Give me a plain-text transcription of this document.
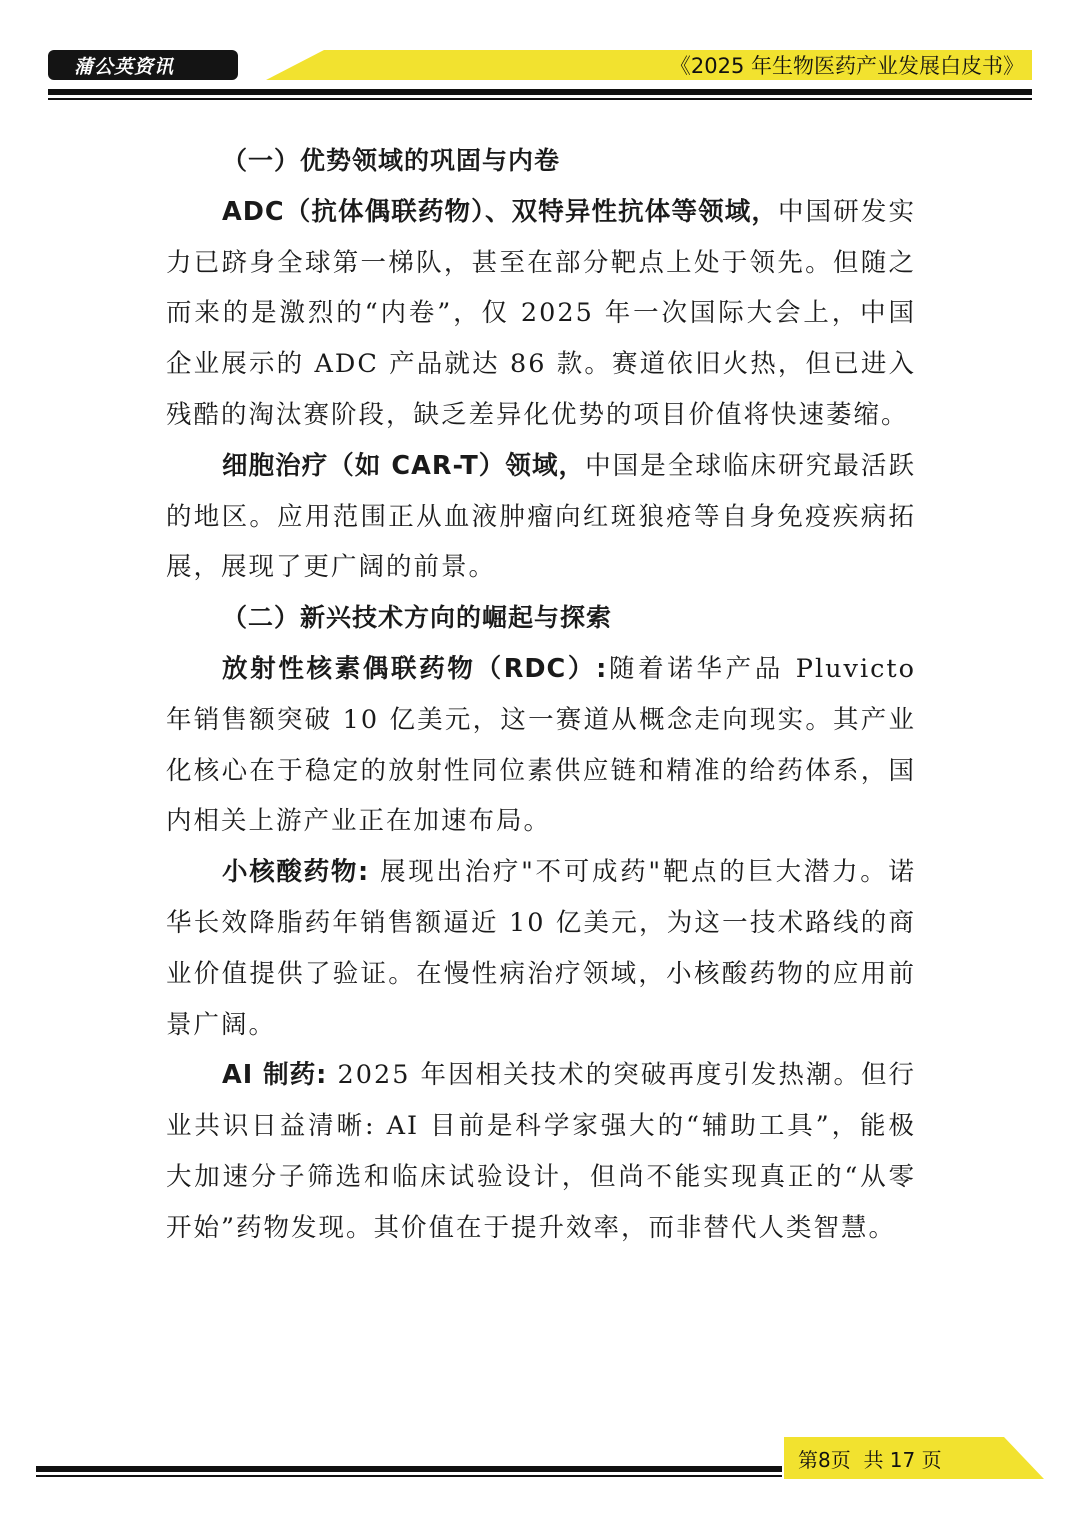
蒲公英资讯	《2025 年生物医药产业发展白皮书》

（一）优势领域的巩固与内卷

ADC（抗体偶联药物）、双特异性抗体等领域，中国研发实力已跻身全球第一梯队，甚至在部分靶点上处于领先。但随之而来的是激烈的“内卷”，仅 2025 年一次国际大会上，中国企业展示的 ADC 产品就达 86 款。赛道依旧火热，但已进入残酷的淘汰赛阶段，缺乏差异化优势的项目价值将快速萎缩。

细胞治疗（如 CAR-T）领域，中国是全球临床研究最活跃的地区。应用范围正从血液肿瘤向红斑狼疮等自身免疫疾病拓展，展现了更广阔的前景。

（二）新兴技术方向的崛起与探索

放射性核素偶联药物（RDC）:随着诺华产品 Pluvicto 年销售额突破 10 亿美元，这一赛道从概念走向现实。其产业化核心在于稳定的放射性同位素供应链和精准的给药体系，国内相关上游产业正在加速布局。

小核酸药物: 展现出治疗"不可成药"靶点的巨大潜力。诺华长效降脂药年销售额逼近 10 亿美元，为这一技术路线的商业价值提供了验证。在慢性病治疗领域，小核酸药物的应用前景广阔。

AI 制药: 2025 年因相关技术的突破再度引发热潮。但行业共识日益清晰: AI 目前是科学家强大的“辅助工具”，能极大加速分子筛选和临床试验设计，但尚不能实现真正的“从零开始”药物发现。其价值在于提升效率，而非替代人类智慧。

第8页  共 17 页
